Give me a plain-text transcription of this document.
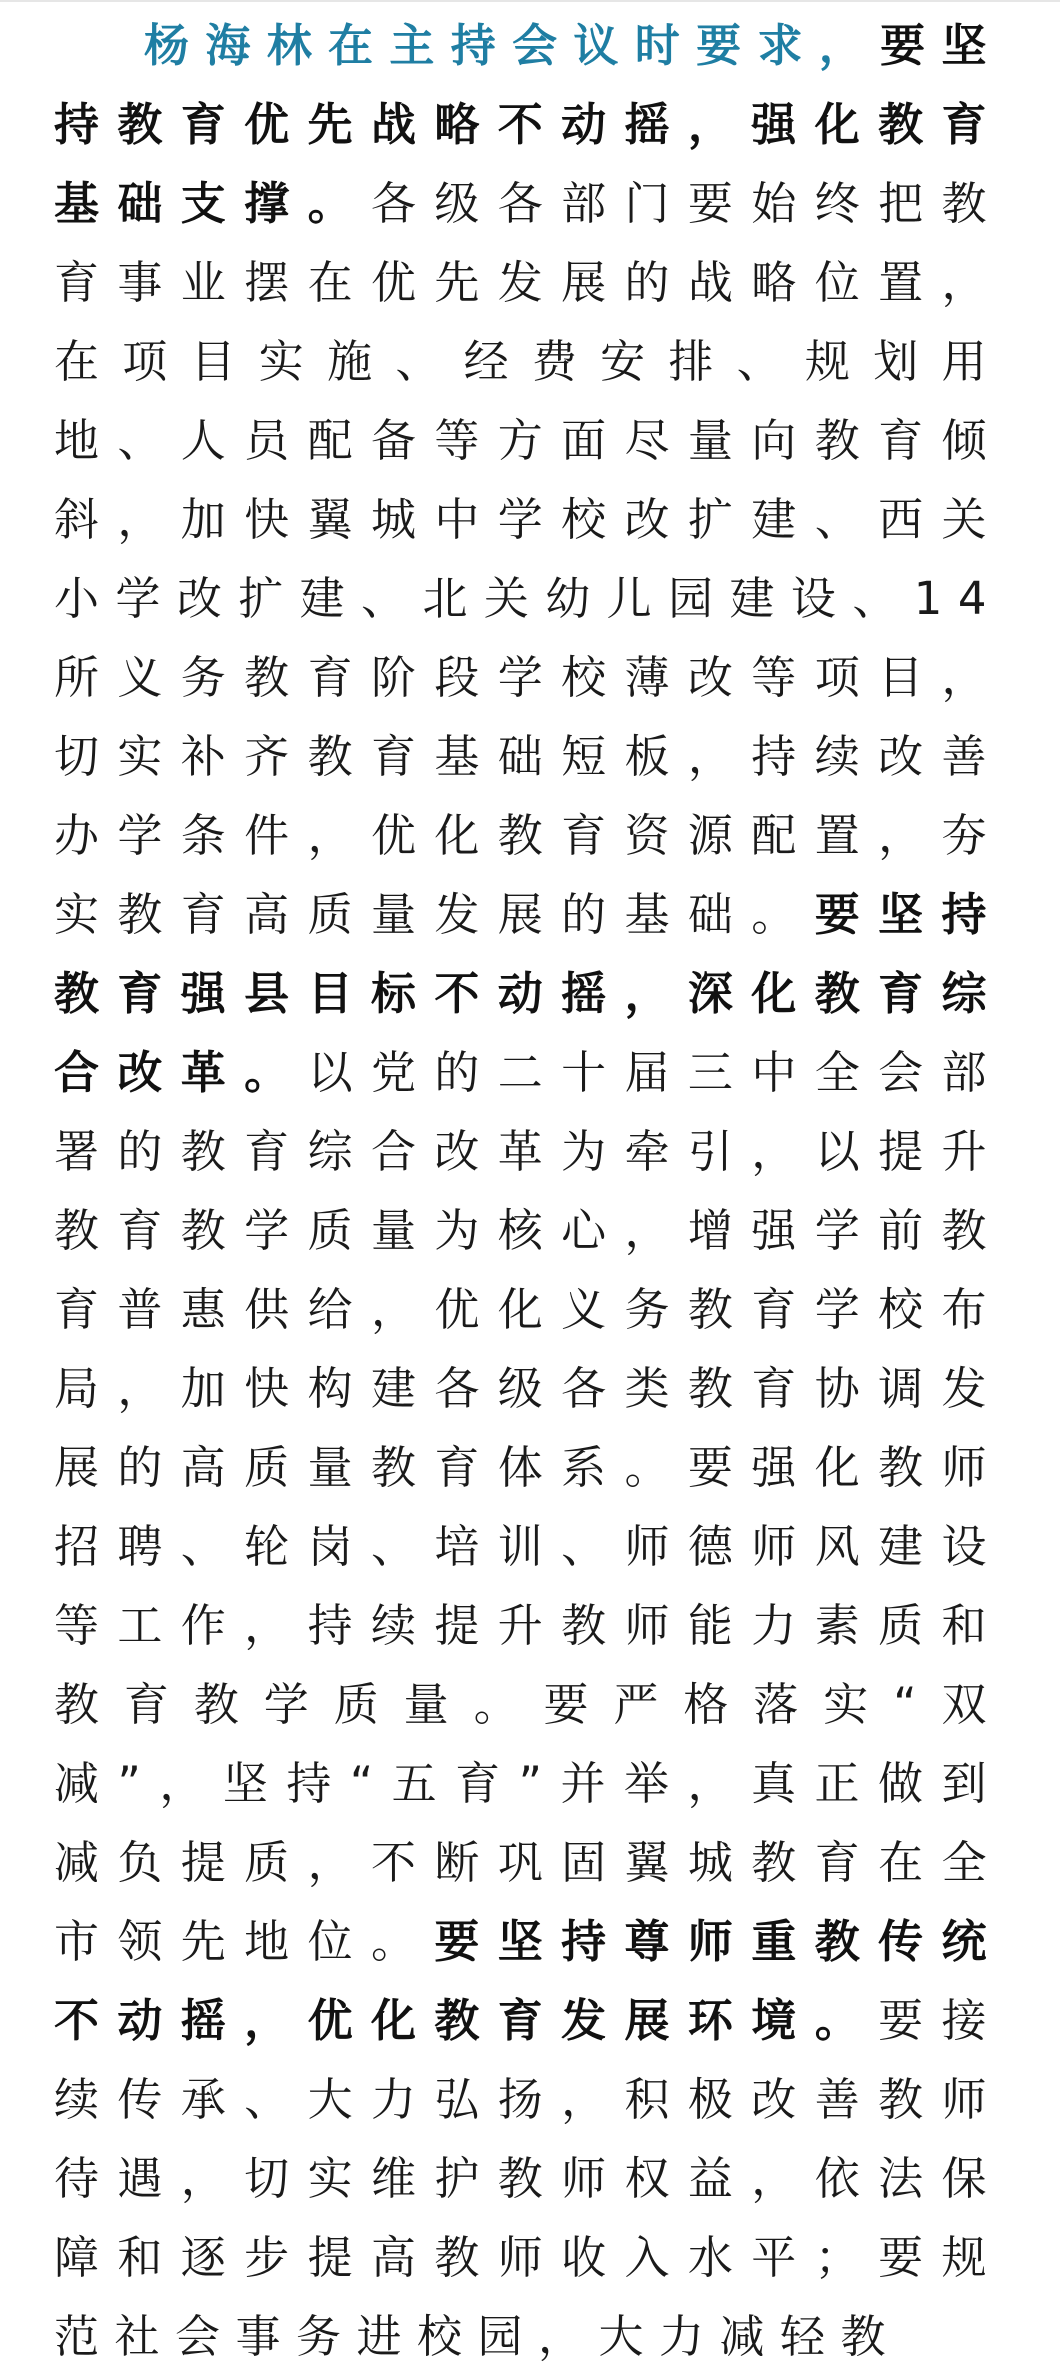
杨海林在主持会议时要求，要坚持教育优先战略不动摇，强化教育基础支撑。各级各部门要始终把教育事业摆在优先发展的战略位置，在项目实施、经费安排、规划用地、人员配备等方面尽量向教育倾斜，加快翼城中学校改扩建、西关小学改扩建、北关幼儿园建设、14所义务教育阶段学校薄改等项目，切实补齐教育基础短板，持续改善办学条件，优化教育资源配置，夯实教育高质量发展的基础。要坚持教育强县目标不动摇，深化教育综合改革。以党的二十届三中全会部署的教育综合改革为牵引，以提升教育教学质量为核心，增强学前教育普惠供给，优化义务教育学校布局，加快构建各级各类教育协调发展的高质量教育体系。要强化教师招聘、轮岗、培训、师德师风建设等工作，持续提升教师能力素质和教育教学质量。要严格落实“双减”，坚持“五育”并举，真正做到减负提质，不断巩固翼城教育在全市领先地位。要坚持尊师重教传统不动摇，优化教育发展环境。要接续传承、大力弘扬，积极改善教师待遇，切实维护教师权益，依法保障和逐步提高教师收入水平；要规范社会事务进校园，大力减轻教
